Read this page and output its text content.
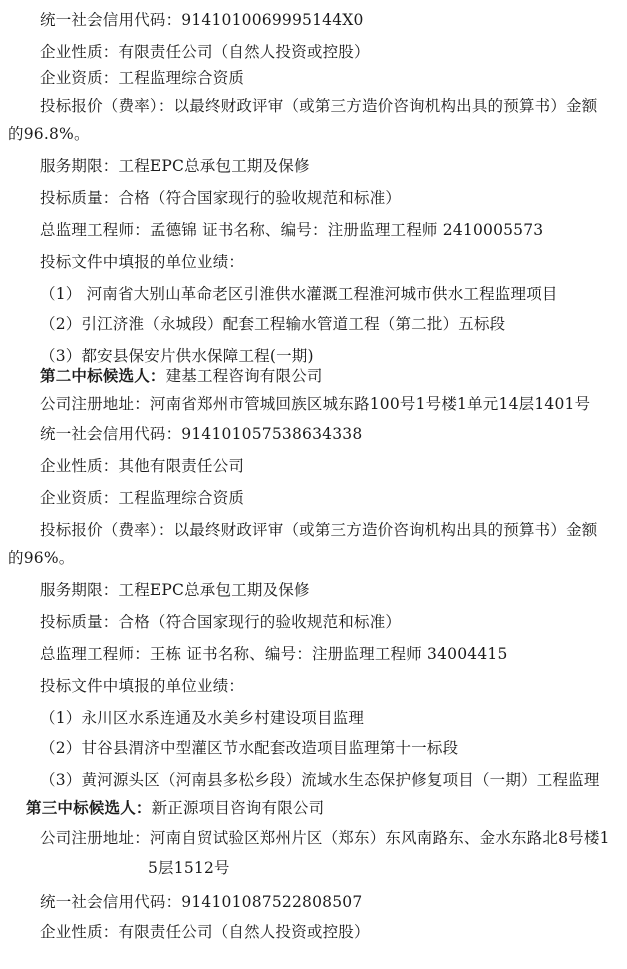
统一社会信用代码：9141010069995144X0
企业性质：有限责任公司（自然人投资或控股）
企业资质：工程监理综合资质
投标报价（费率）：以最终财政评审（或第三方造价咨询机构出具的预算书）金额
的96.8%。
服务期限：工程EPC总承包工期及保修
投标质量：合格（符合国家现行的验收规范和标准）
总监理工程师：孟德锦 证书名称、编号：注册监理工程师 2410005573
投标文件中填报的单位业绩：
（1） 河南省大别山革命老区引淮供水灌溉工程淮河城市供水工程监理项目
（2）引江济淮（永城段）配套工程输水管道工程（第二批）五标段
（3）都安县保安片供水保障工程(一期)
第二中标候选人：建基工程咨询有限公司
公司注册地址：河南省郑州市管城回族区城东路100号1号楼1单元14层1401号
统一社会信用代码：914101057538634338
企业性质：其他有限责任公司
企业资质：工程监理综合资质
投标报价（费率）：以最终财政评审（或第三方造价咨询机构出具的预算书）金额
的96%。
服务期限：工程EPC总承包工期及保修
投标质量：合格（符合国家现行的验收规范和标准）
总监理工程师：王栋 证书名称、编号：注册监理工程师 34004415
投标文件中填报的单位业绩：
（1）永川区水系连通及水美乡村建设项目监理
（2）甘谷县渭济中型灌区节水配套改造项目监理第十一标段
（3）黄河源头区（河南县多松乡段）流域水生态保护修复项目（一期）工程监理
第三中标候选人：新正源项目咨询有限公司
公司注册地址：河南自贸试验区郑州片区（郑东）东风南路东、金水东路北8号楼1
5层1512号
统一社会信用代码：914101087522808507
企业性质：有限责任公司（自然人投资或控股）
